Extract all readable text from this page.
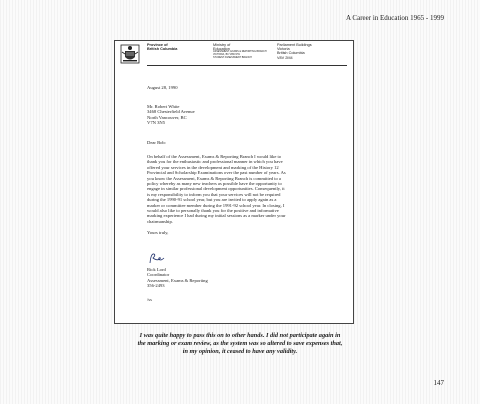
A Career in Education 1965 - 1999
Province of
British Columbia
Ministry of
Education
ASSESSMENT, EXAMS & REPORTING BRANCH
VICTORIA, BC V8W 9H1
STUDENT ASSESSMENT BRANCH
Parliament Buildings
Victoria
British Columbia
V8V 2M4
August 28, 1990
Mr. Robert White
3468 Chesterfield Avenue
North Vancouver, BC
V7N 3N5
Dear Bob:
On behalf of the Assessment, Exams & Reporting Branch I would like to
thank you for the enthusiastic and professional manner in which you have
offered your services in the development and marking of the History 12
Provincial and Scholarship Examinations over the past number of years. As
you know the Assessment, Exams & Reporting Branch is committed to a
policy whereby as many new teachers as possible have the opportunity to
engage in similar professional development opportunities. Consequently, it
is my responsibility to inform you that your services will not be required
during the 1990-91 school year, but you are invited to apply again as a
marker or committee member during the 1991-92 school year. In closing, I
would also like to personally thank you for the positive and informative
marking experience I had during my initial sessions as a marker under your
chairmanship.
Yours truly,
Rick Lord
Coordinator
Assessment, Exams & Reporting
356-2493
/ss
I was quite happy to pass this on to other hands. I did not participate again in
the marking or exam review, as the system was so altered to save expenses that,
in my opinion, it ceased to have any validity.
147
